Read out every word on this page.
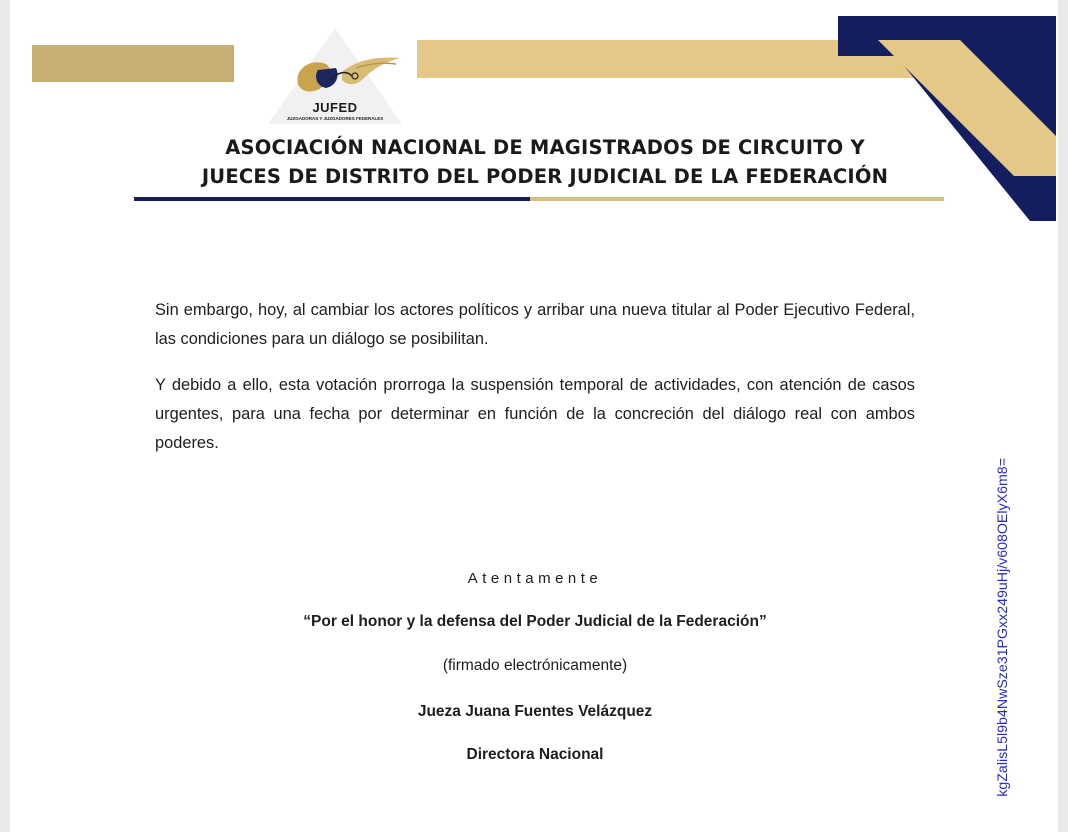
JUFED
JUZGADORAS Y JUZGADORES FEDERALES
ASOCIACIÓN NACIONAL DE MAGISTRADOS DE CIRCUITO Y
JUECES DE DISTRITO DEL PODER JUDICIAL DE LA FEDERACIÓN

Sin embargo, hoy, al cambiar los actores políticos y arribar una nueva titular al Poder Ejecutivo Federal, las condiciones para un diálogo se posibilitan.

Y debido a ello, esta votación prorroga la suspensión temporal de actividades, con atención de casos urgentes, para una fecha por determinar en función de la concreción del diálogo real con ambos poderes.

Atentamente

“Por el honor y la defensa del Poder Judicial de la Federación”

(firmado electrónicamente)

Jueza Juana Fuentes Velázquez

Directora Nacional	kgZalisL5l9b4NwSze31PGxx249uHj/v608OElyX6m8=
